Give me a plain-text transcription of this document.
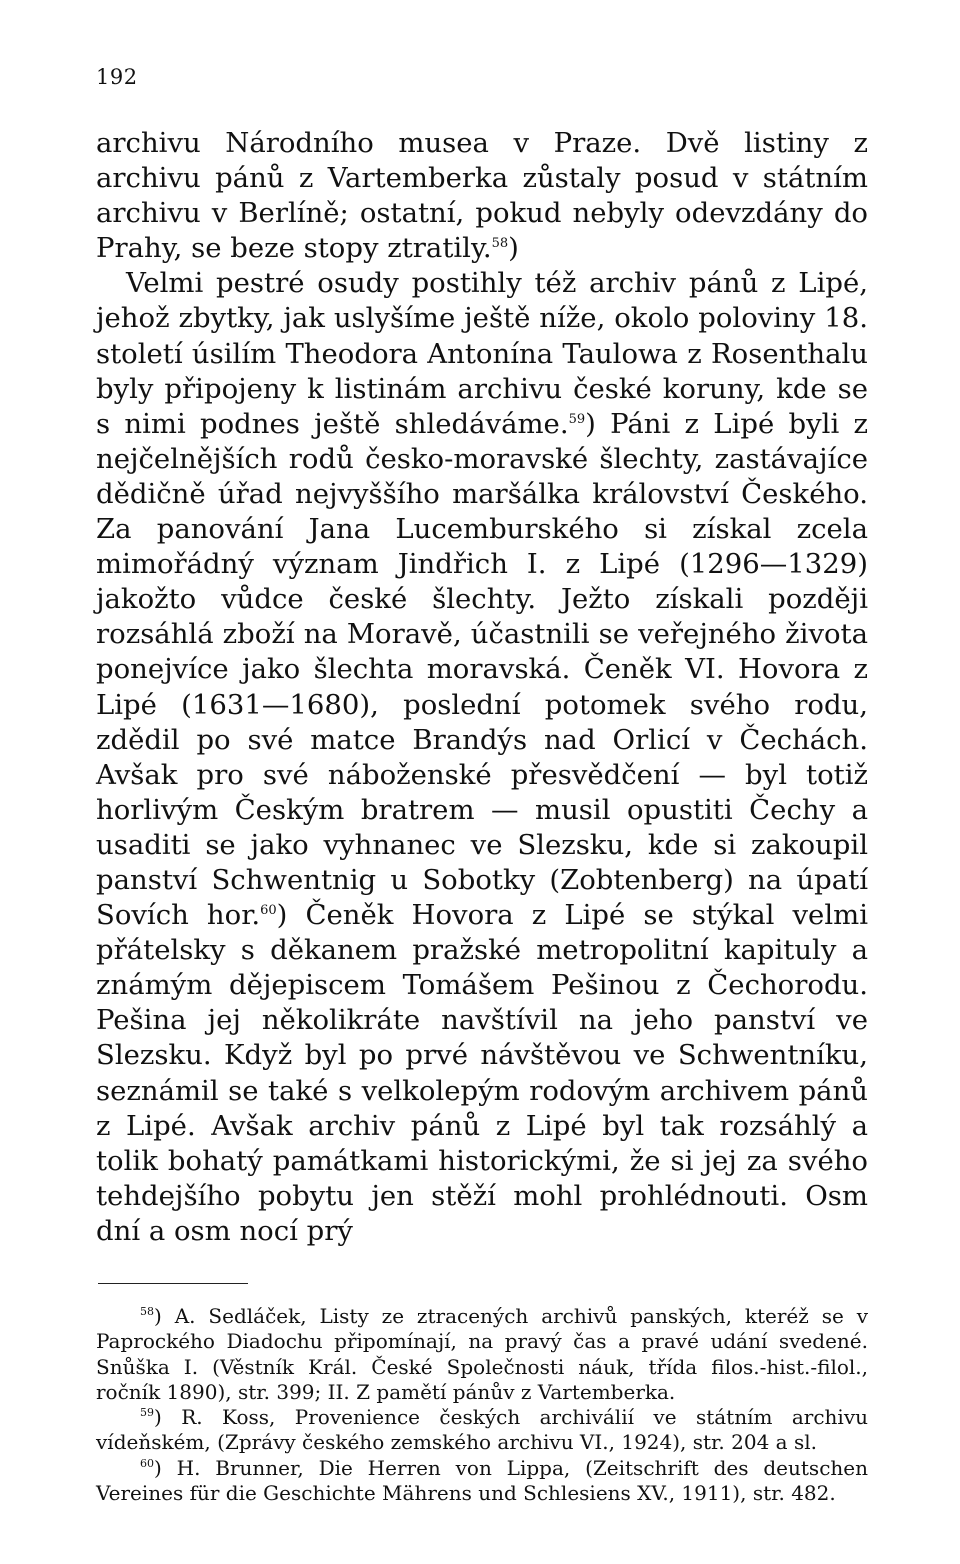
192

archivu Národního musea v Praze. Dvě listiny z archivu pánů z Vartemberka zůstaly posud v státním archivu v Berlíně; ostatní, pokud nebyly odevzdány do Prahy, se beze stopy ztratily.$^{58}$)

Velmi pestré osudy postihly též archiv pánů z Lipé, jehož zbytky, jak uslyšíme ještě níže, okolo poloviny 18. století úsilím Theodora Antonína Taulowa z Rosenthalu byly připojeny k listinám archivu české koruny, kde se s nimi podnes ještě shledáváme.$^{59}$) Páni z Lipé byli z nejčelnějších rodů česko-moravské šlechty, zastávajíce dědičně úřad nejvyššího maršálka království Českého. Za panování Jana Lucemburského si získal zcela mimořádný význam Jindřich I. z Lipé (1296—1329) jakožto vůdce české šlechty. Ježto získali později rozsáhlá zboží na Moravě, účastnili se veřejného života ponejvíce jako šlechta moravská. Čeněk VI. Hovora z Lipé (1631—1680), poslední potomek svého rodu, zdědil po své matce Brandýs nad Orlicí v Čechách. Avšak pro své náboženské přesvědčení — byl totiž horlivým Českým bratrem — musil opustiti Čechy a usaditi se jako vyhnanec ve Slezsku, kde si zakoupil panství Schwentnig u Sobotky (Zobtenberg) na úpatí Sovích hor.$^{60}$) Čeněk Hovora z Lipé se stýkal velmi přátelsky s děkanem pražské metropolitní kapituly a známým dějepiscem Tomášem Pešinou z Čechorodu. Pešina jej několikráte navštívil na jeho panství ve Slezsku. Když byl po prvé návštěvou ve Schwentníku, seznámil se také s velkolepým rodovým archivem pánů z Lipé. Avšak archiv pánů z Lipé byl tak rozsáhlý a tolik bohatý památkami historickými, že si jej za svého tehdejšího pobytu jen stěží mohl prohlédnouti. Osm dní a osm nocí prý

$^{58}$) A. Sedláček, Listy ze ztracených archivů panských, kteréž se v Paprockého Diadochu připomínají, na pravý čas a pravé udání svedené. Snůška I. (Věstník Král. České Společnosti náuk, třída filos.-hist.-filol., ročník 1890), str. 399; II. Z pamětí pánův z Vartemberka.

$^{59}$) R. Koss, Provenience českých archiválií ve státním archivu vídeňském, (Zprávy českého zemského archivu VI., 1924), str. 204 a sl.

$^{60}$) H. Brunner, Die Herren von Lippa, (Zeitschrift des deutschen Vereines für die Geschichte Mährens und Schlesiens XV., 1911), str. 482.
